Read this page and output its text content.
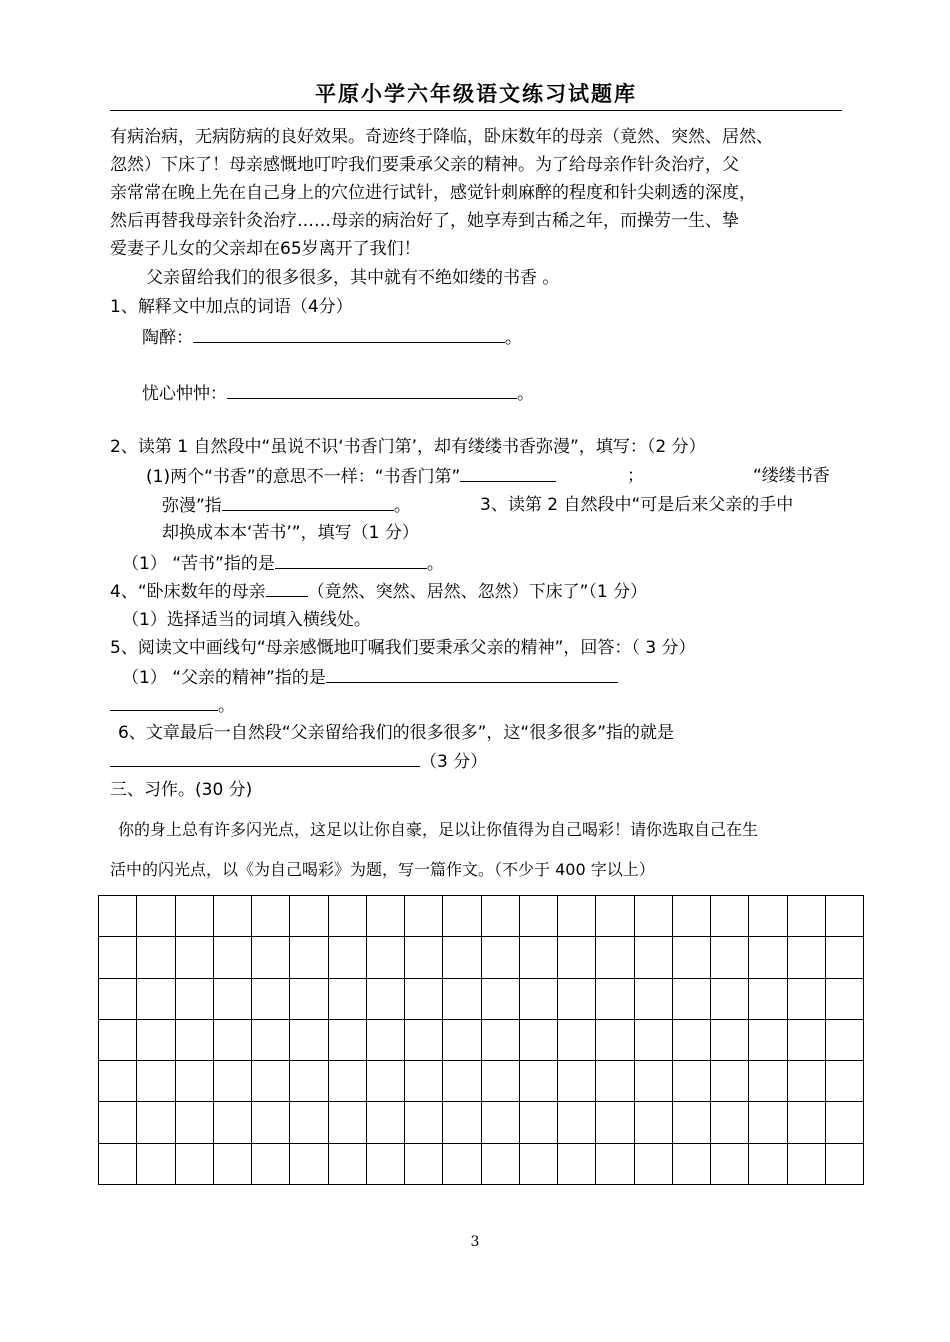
平原小学六年级语文练习试题库
有病治病，无病防病的良好效果。奇迹终于降临，卧床数年的母亲（竟然、突然、居然、
忽然）下床了！母亲感慨地叮咛我们要秉承父亲的精神。为了给母亲作针灸治疗，父
亲常常在晚上先在自己身上的穴位进行试针，感觉针刺麻醉的程度和针尖刺透的深度，
然后再替我母亲针灸治疗……母亲的病治好了，她享寿到古稀之年，而操劳一生、挚
爱妻子儿女的父亲却在65岁离开了我们！
父亲留给我们的很多很多，其中就有不绝如缕的书香 。
1、解释文中加点的词语（4分）
陶醉：	。
忧心忡忡：	。
2、读第 1 自然段中“虽说不识‘书香门第’，却有缕缕书香弥漫”，填写：（2 分）
(1)两个“书香”的意思不一样：“书香门第”	；	“缕缕书香
弥漫”指	。	3、读第 2 自然段中“可是后来父亲的手中
却换成本本‘苦书’”，填写（1 分）
（1） “苦书”指的是	。
4、“卧床数年的母亲 （竟然、突然、居然、忽然）下床了”（1 分）
（1）选择适当的词填入横线处。
5、阅读文中画线句“母亲感慨地叮嘱我们要秉承父亲的精神”，回答：（ 3 分）
（1） “父亲的精神”指的是
。
6、文章最后一自然段“父亲留给我们的很多很多”，这“很多很多”指的就是
（3 分）
三、习作。(30 分)
你的身上总有许多闪光点，这足以让你自豪，足以让你值得为自己喝彩！请你选取自己在生
活中的闪光点，以《为自己喝彩》为题，写一篇作文。（不少于 400 字以上）

3
